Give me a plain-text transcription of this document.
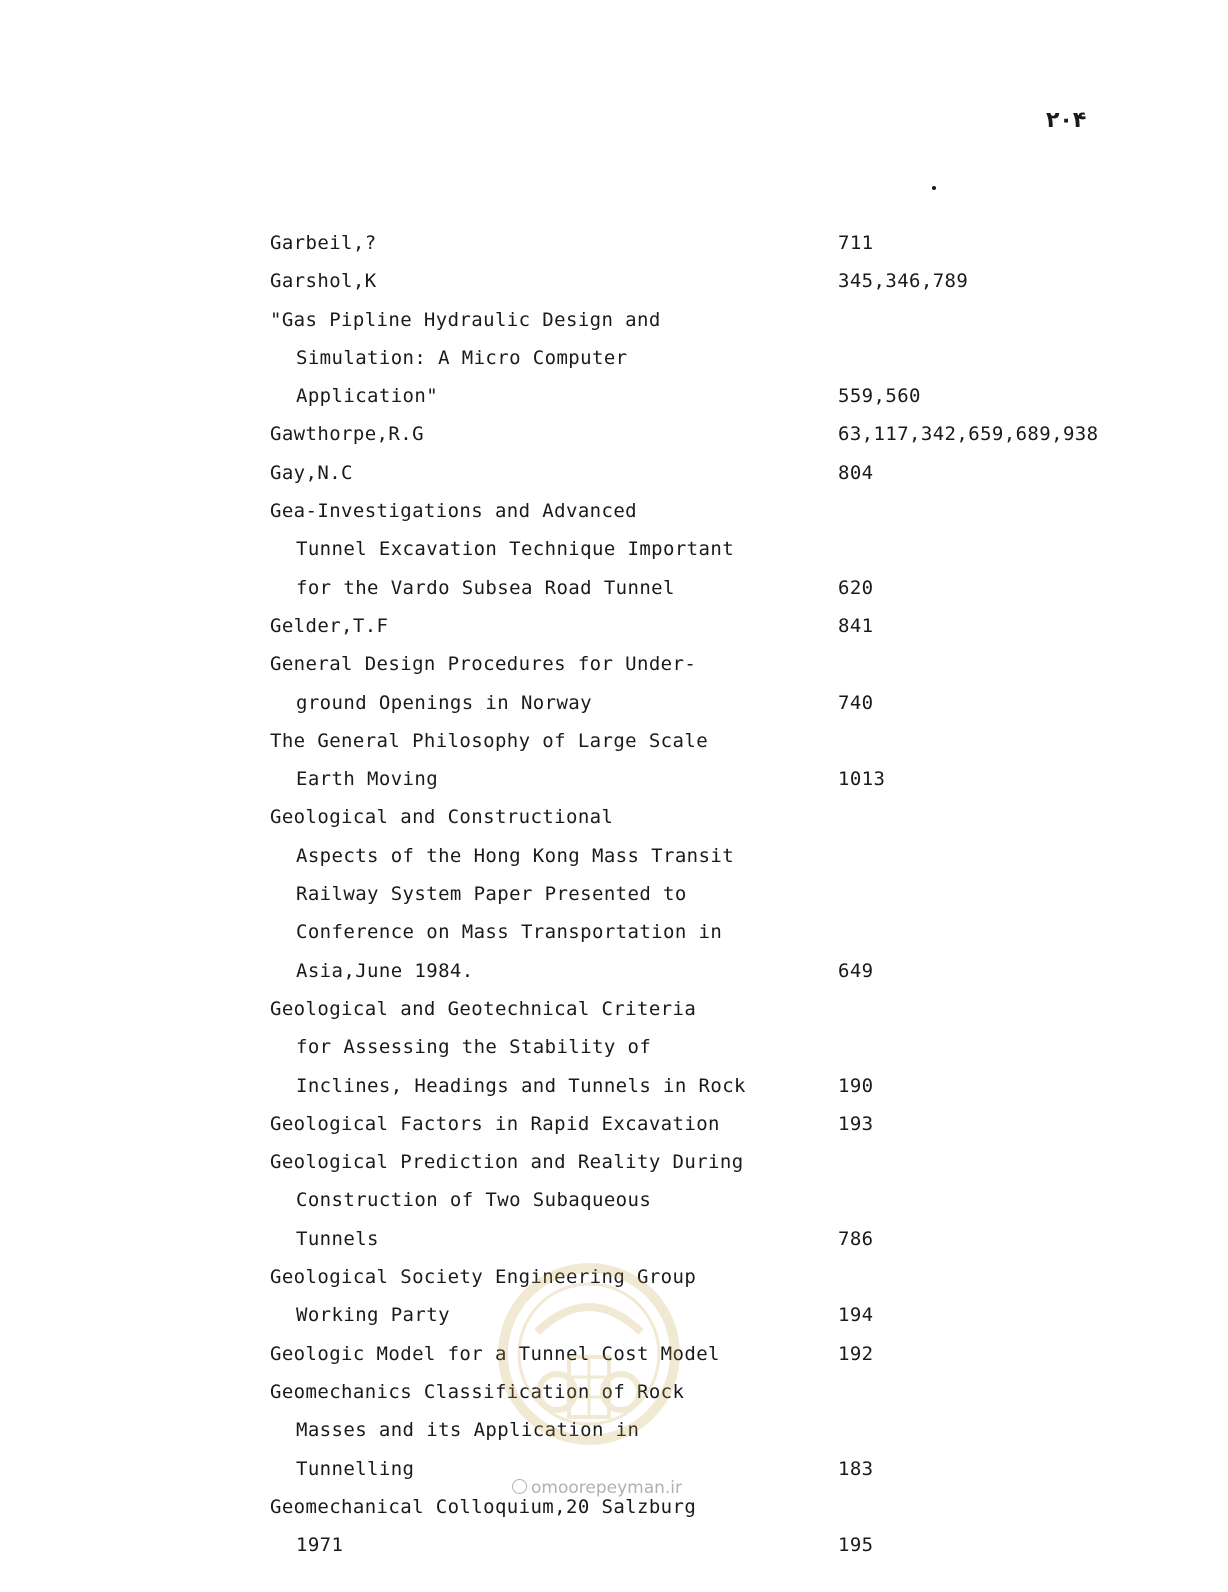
۲۰۴
Garbeil,?	711
Garshol,K	345,346,789
"Gas Pipline Hydraulic Design and
Simulation: A Micro Computer
Application"	559,560
Gawthorpe,R.G	63,117,342,659,689,938
Gay,N.C	804
Gea-Investigations and Advanced
Tunnel Excavation Technique Important
for the Vardo Subsea Road Tunnel	620
Gelder,T.F	841
General Design Procedures for Under-
ground Openings in Norway	740
The General Philosophy of Large Scale
Earth Moving	1013
Geological and Constructional
Aspects of the Hong Kong Mass Transit
Railway System Paper Presented to
Conference on Mass Transportation in
Asia,June 1984.	649
Geological and Geotechnical Criteria
for Assessing the Stability of
Inclines, Headings and Tunnels in Rock	190
Geological Factors in Rapid Excavation	193
Geological Prediction and Reality During
Construction of Two Subaqueous
Tunnels	786
Geological Society Engineering Group
Working Party	194
Geologic Model for a Tunnel Cost Model	192
Geomechanics Classification of Rock
Masses and its Application in
Tunnelling	183
Geomechanical Colloquium,20 Salzburg
1971	195
omoorepeyman.ir
